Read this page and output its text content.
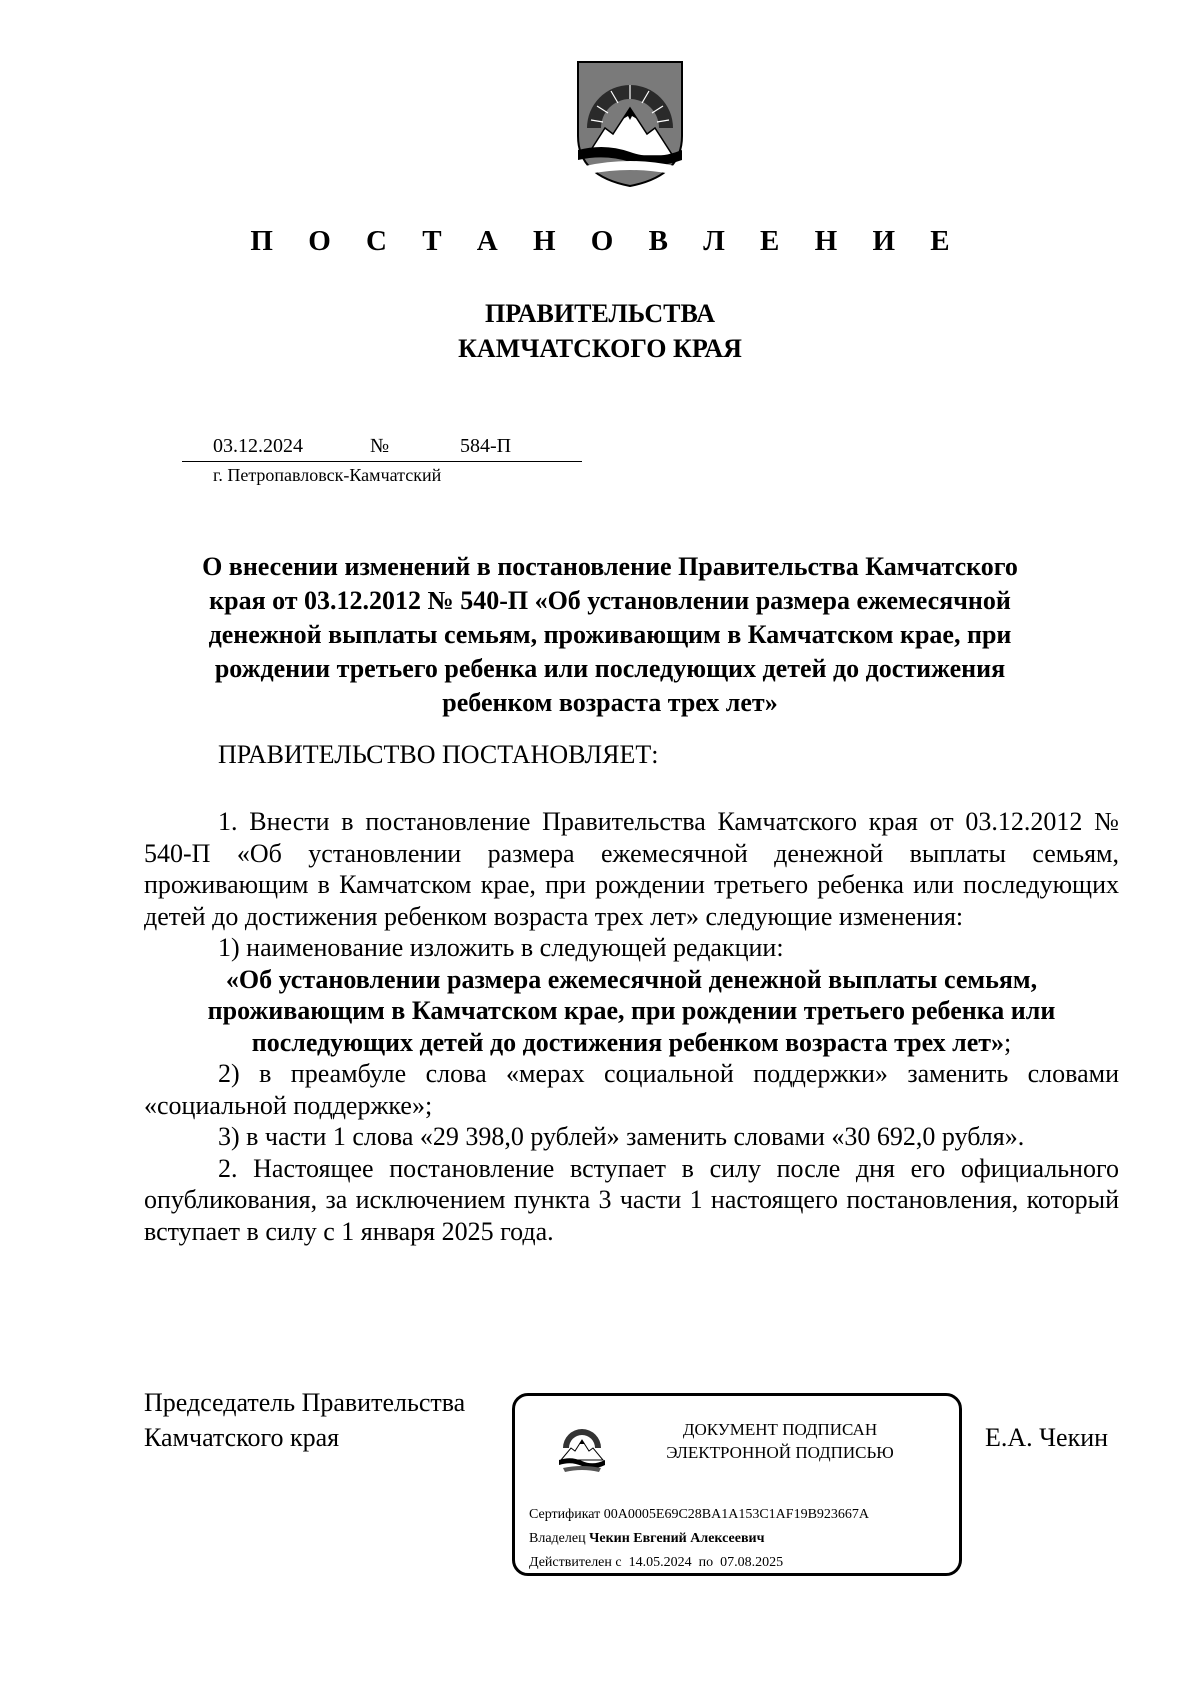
П О С Т А Н О В Л Е Н И Е
ПРАВИТЕЛЬСТВА
КАМЧАТСКОГО КРАЯ
03.12.2024	№	584-П
г. Петропавловск-Камчатский
О внесении изменений в постановление Правительства Камчатского
края от 03.12.2012 № 540-П «Об установлении размера ежемесячной
денежной выплаты семьям, проживающим в Камчатском крае, при
рождении третьего ребенка или последующих детей до достижения
ребенком возраста трех лет»
ПРАВИТЕЛЬСТВО ПОСТАНОВЛЯЕТ:
1. Внести в постановление Правительства Камчатского края от 03.12.2012 № 540-П «Об установлении размера ежемесячной денежной выплаты семьям, проживающим в Камчатском крае, при рождении третьего ребенка или последующих детей до достижения ребенком возраста трех лет» следующие изменения:
1) наименование изложить в следующей редакции:
«Об установлении размера ежемесячной денежной выплаты семьям,
проживающим в Камчатском крае, при рождении третьего ребенка или
последующих детей до достижения ребенком возраста трех лет»;
2) в преамбуле слова «мерах социальной поддержки» заменить словами «социальной поддержке»;
3) в части 1 слова «29 398,0 рублей» заменить словами «30 692,0 рубля».
2. Настоящее постановление вступает в силу после дня его официального опубликования, за исключением пункта 3 части 1 настоящего постановления, который вступает в силу с 1 января 2025 года.
Председатель Правительства
Камчатского края	ДОКУМЕНТ ПОДПИСАН
ЭЛЕКТРОННОЙ ПОДПИСЬЮ
Сертификат 00A0005E69C28BA1A153C1AF19B923667A
Владелец Чекин Евгений Алексеевич
Действителен с 14.05.2024 по 07.08.2025
Е.А. Чекин
